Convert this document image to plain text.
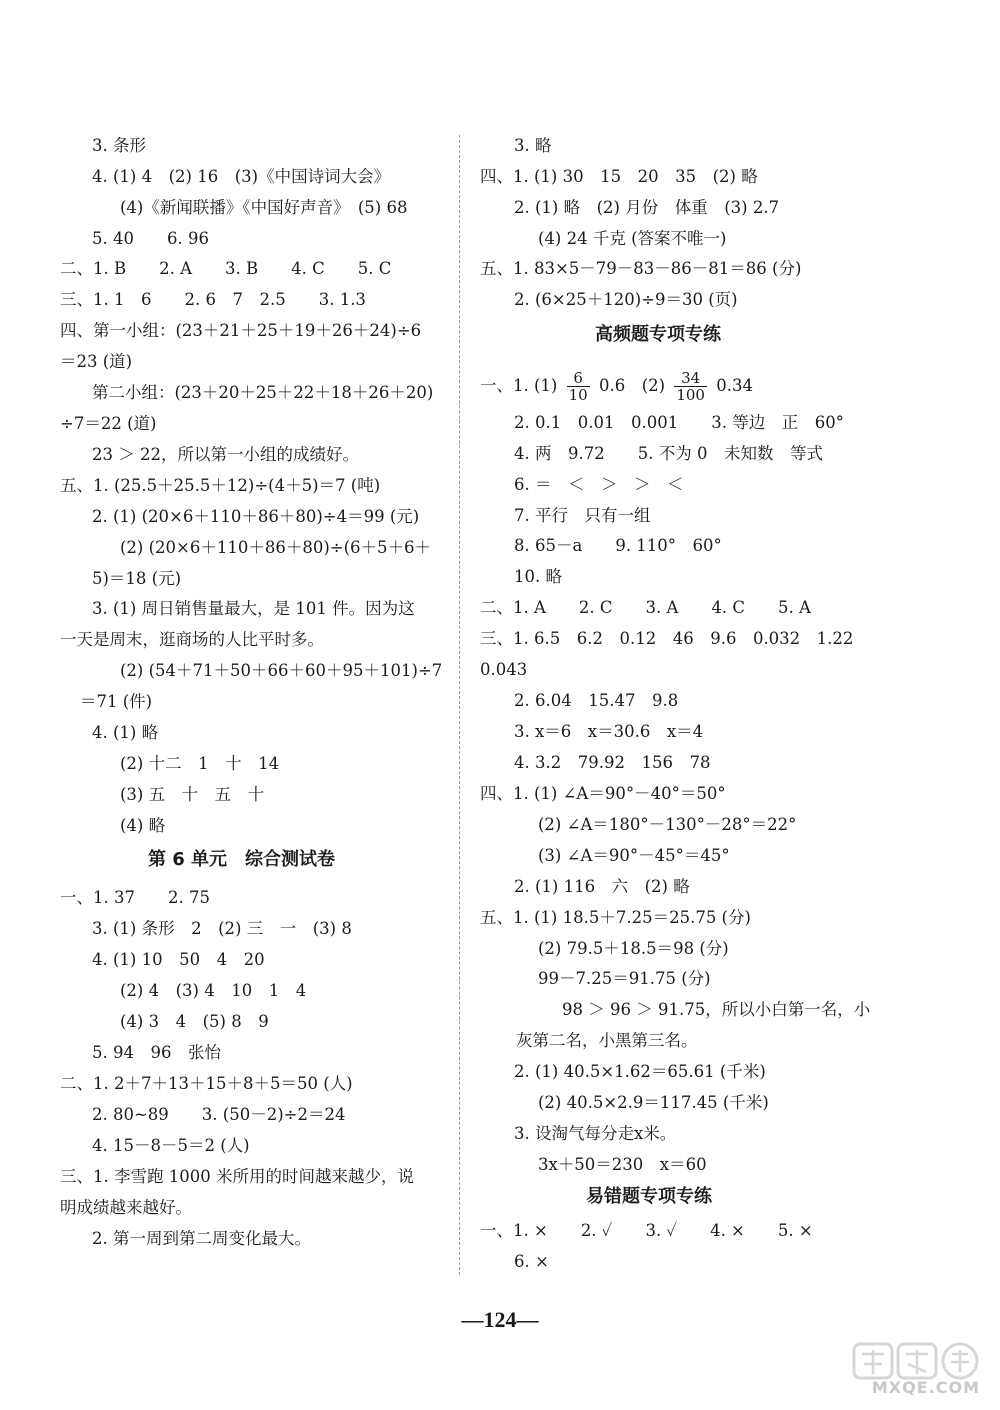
3. 条形
4. (1) 4　(2) 16　(3)《中国诗词大会》
(4)《新闻联播》《中国好声音》　(5) 68
5. 40　　6. 96
二、1. B　　2. A　　3. B　　4. C　　5. C
三、1. 1　6　　2. 6　7　2.5　　3. 1.3
四、第一小组：(23＋21＋25＋19＋26＋24)÷6
＝23 (道)
第二小组：(23＋20＋25＋22＋18＋26＋20)
÷7＝22 (道)
23 ＞ 22，所以第一小组的成绩好。
五、1. (25.5＋25.5＋12)÷(4＋5)＝7 (吨)
2. (1) (20×6＋110＋86＋80)÷4＝99 (元)
(2) (20×6＋110＋86＋80)÷(6＋5＋6＋
5)＝18 (元)
3. (1) 周日销售量最大，是 101 件。因为这
一天是周末，逛商场的人比平时多。
(2) (54＋71＋50＋66＋60＋95＋101)÷7
＝71 (件)
4. (1) 略
(2) 十二　1　十　14
(3) 五　十　五　十
(4) 略
第 6 单元　综合测试卷
一、1. 37　　2. 75
3. (1) 条形　2　(2) 三　一　(3) 8
4. (1) 10　50　4　20
(2) 4　(3) 4　10　1　4
(4) 3　4　(5) 8　9
5. 94　96　张怡
二、1. 2＋7＋13＋15＋8＋5＝50 (人)
2. 80~89　　3. (50－2)÷2＝24
4. 15－8－5＝2 (人)
三、1. 李雪跑 1000 米所用的时间越来越少，说
明成绩越来越好。
2. 第一周到第二周变化最大。
3. 略
四、1. (1) 30　15　20　35　(2) 略
2. (1) 略　(2) 月份　体重　(3) 2.7
(4) 24 千克 (答案不唯一)
五、1. 83×5－79－83－86－81＝86 (分)
2. (6×25＋120)÷9＝30 (页)
高频题专项专练
一、1. $(1) \frac{6}{10} 0.6$　$(2) \frac{34}{100} 0.34$
2. 0.1　0.01　0.001　　3. 等边　正　60°
4. 两　9.72　　5. 不为 0　未知数　等式
6. ＝　＜　＞　＞　＜
7. 平行　只有一组
8. 65－a　　9. 110°　60°
10. 略
二、1. A　　2. C　　3. A　　4. C　　5. A
三、1. 6.5　6.2　0.12　46　9.6　0.032　1.22
0.043
2. 6.04　15.47　9.8
3. x＝6　x＝30.6　x＝4
4. 3.2　79.92　156　78
四、1. (1) ∠A＝90°－40°＝50°
(2) ∠A＝180°－130°－28°＝22°
(3) ∠A＝90°－45°＝45°
2. (1) 116　六　(2) 略
五、1. (1) 18.5＋7.25＝25.75 (分)
(2) 79.5＋18.5＝98 (分)
99－7.25＝91.75 (分)
98 ＞ 96 ＞ 91.75，所以小白第一名，小
灰第二名，小黑第三名。
2. (1) 40.5×1.62＝65.61 (千米)
(2) 40.5×2.9＝117.45 (千米)
3. 设淘气每分走x米。
3x＋50＝230　x＝60
易错题专项专练
一、1. ×　　2. ✓　　3. ✓　　4. ×　　5. ×
6. ×
—124—
MXQE.COM
